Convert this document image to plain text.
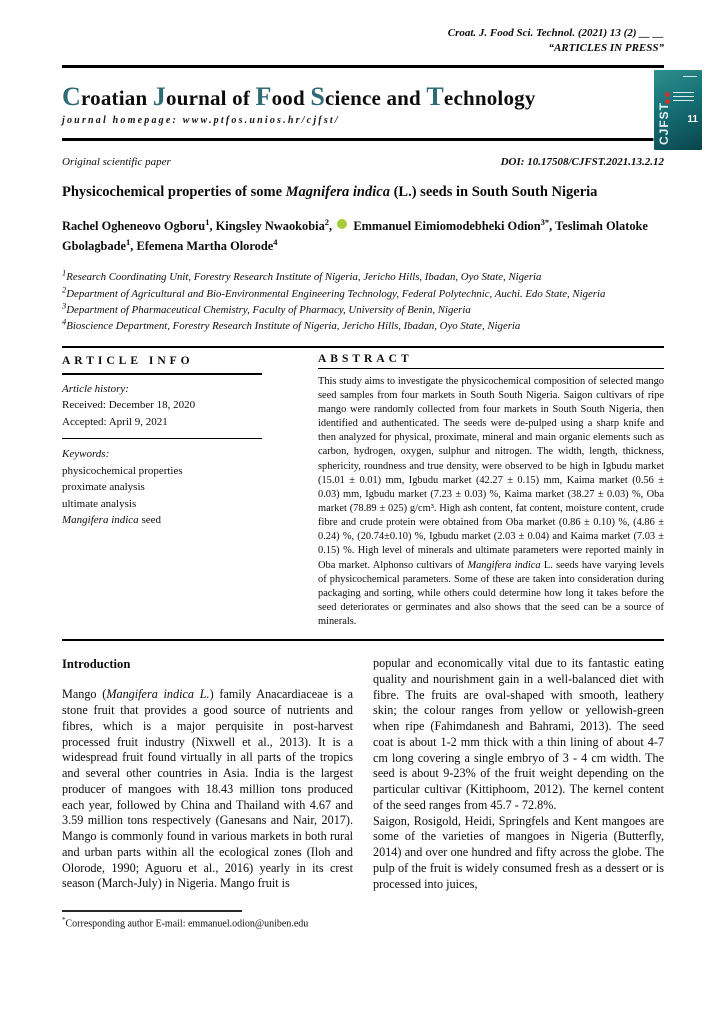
Croat. J. Food Sci. Technol. (2021) 13 (2) __ __
“ARTICLES IN PRESS”
Croatian Journal of Food Science and Technology
journal homepage: www.ptfos.unios.hr/cjfst/	CJFST 11
Original scientific paper	DOI: 10.17508/CJFST.2021.13.2.12
Physicochemical properties of some Magnifera indica (L.) seeds in South South Nigeria
Rachel Ogheneovo Ogboru$^1$, Kingsley Nwaokobia$^2$,  Emmanuel Eimiomodebheki Odion$^{3*}$, Teslimah Olatoke Gbolagbade$^1$, Efemena Martha Olorode$^4$
$^1$Research Coordinating Unit, Forestry Research Institute of Nigeria, Jericho Hills, Ibadan, Oyo State, Nigeria
$^2$Department of Agricultural and Bio-Environmental Engineering Technology, Federal Polytechnic, Auchi. Edo State, Nigeria
$^3$Department of Pharmaceutical Chemistry, Faculty of Pharmacy, University of Benin, Nigeria
$^4$Bioscience Department, Forestry Research Institute of Nigeria, Jericho Hills, Ibadan, Oyo State, Nigeria
ARTICLE INFO
Article history:
Received: December 18, 2020
Accepted: April 9, 2021
Keywords:
physicochemical properties
proximate analysis
ultimate analysis
Mangifera indica seed
ABSTRACT

This study aims to investigate the physicochemical composition of selected mango seed samples from four markets in South South Nigeria. Saigon cultivars of ripe mango were randomly collected from four markets in South South Nigeria, then identified and authenticated. The seeds were de-pulped using a sharp knife and then analyzed for physical, proximate, mineral and main organic elements such as carbon, hydrogen, oxygen, sulphur and nitrogen. The width, length, thickness, sphericity, roundness and true density, were observed to be high in Igbudu market (15.01 ± 0.01) mm, Igbudu market (42.27 ± 0.15) mm, Kaima market (0.56 ± 0.03) mm, Igbudu market (7.23 ± 0.03) %, Kaima market (38.27 ± 0.03) %, Oba market (78.89 ± 025) g/cm³. High ash content, fat content, moisture content, crude fibre and crude protein were obtained from Oba market (0.86 ± 0.10) %, (4.86 ± 0.24) %, (20.74±0.10) %, Igbudu market (2.03 ± 0.04) and Kaima market (7.03 ± 0.15) %. High level of minerals and ultimate parameters were reported mainly in Oba market. Alphonso cultivars of Mangifera indica L. seeds have varying levels of physicochemical parameters. Some of these are taken into consideration during packaging and sorting, while others could determine how long it takes before the seed deteriorates or germinates and also shows that the seed can be a source of minerals.

Introduction

Mango (Mangifera indica L.) family Anacardiaceae is a stone fruit that provides a good source of nutrients and fibres, which is a major perquisite in post-harvest processed fruit industry (Nixwell et al., 2013). It is a widespread fruit found virtually in all parts of the tropics and several other countries in Asia. India is the largest producer of mangoes with 18.43 million tons produced each year, followed by China and Thailand with 4.67 and 3.59 million tons respectively (Ganesans and Nair, 2017). Mango is commonly found in various markets in both rural and urban parts within all the ecological zones (Iloh and Olorode, 1990; Aguoru et al., 2016) yearly in its crest season (March-July) in Nigeria. Mango fruit is

popular and economically vital due to its fantastic eating quality and nourishment gain in a well-balanced diet with fibre. The fruits are oval-shaped with smooth, leathery skin; the colour ranges from yellow or yellowish-green when ripe (Fahimdanesh and Bahrami, 2013). The seed coat is about 1-2 mm thick with a thin lining of about 4-7 cm long covering a single embryo of 3 - 4 cm width. The seed is about 9-23% of the fruit weight depending on the particular cultivar (Kittiphoom, 2012). The kernel content of the seed ranges from 45.7 - 72.8%.

Saigon, Rosigold, Heidi, Springfels and Kent mangoes are some of the varieties of mangoes in Nigeria (Butterfly, 2014) and over one hundred and fifty across the globe. The pulp of the fruit is widely consumed fresh as a dessert or is processed into juices,

*Corresponding author E-mail: emmanuel.odion@uniben.edu
